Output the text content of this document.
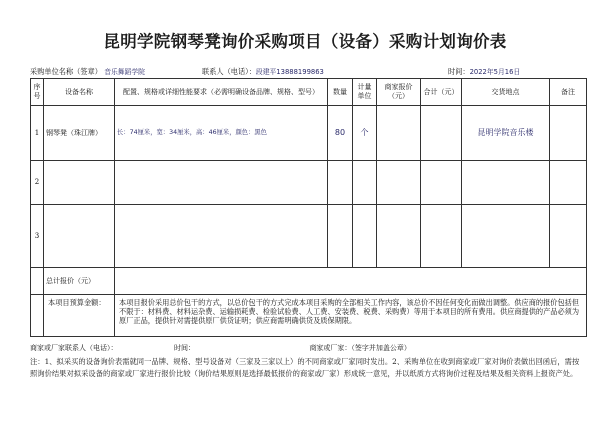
昆明学院钢琴凳询价采购项目（设备）采购计划询价表
采购单位名称（签章） 音乐舞蹈学院	联系人（电话）：段建平13888199863	时间：2022年5月16日
序号	设备名称	配置、规格或详细性能要求（必需明确设备品牌、规格、型号）	数量	计量单位	商家报价（元）	合计（元）	交货地点	备注
1	钢琴凳（珠江牌）	长：74厘米，宽：34厘米，高：46厘米，颜色：黑色	80	个			昆明学院音乐楼	
2								
3								
	总计报价（元）							
	本项目预算金额：	本项目报价采用总价包干的方式，以总价包干的方式完成本项目采购的全部相关工作内容，该总价不因任何变化而做出调整。供应商的报价包括但不限于：材料费、材料运杂费、运输损耗费、检验试验费、人工费、安装费、税费、采购费）等用于本项目的所有费用。供应商提供的产品必须为原厂正品，提供针对需提供原厂供货证明；供应商需明确供货及质保期限。						
商家或厂家联系人（电话）：	时间：	商家或厂家：（签字并加盖公章）
注：1、拟采买的设备询价表需就同一品牌、规格、型号设备对（三家及三家以上）的不同商家或厂家同时发出。2、采购单位在收到商家或厂家对询价表做出回函后，需按照询价结果对拟采设备的商家或厂家进行报价比较（询价结果原则是选择最低报价的商家或厂家）形成统一意见，并以纸质方式将询价过程及结果及相关资料上报资产处。
